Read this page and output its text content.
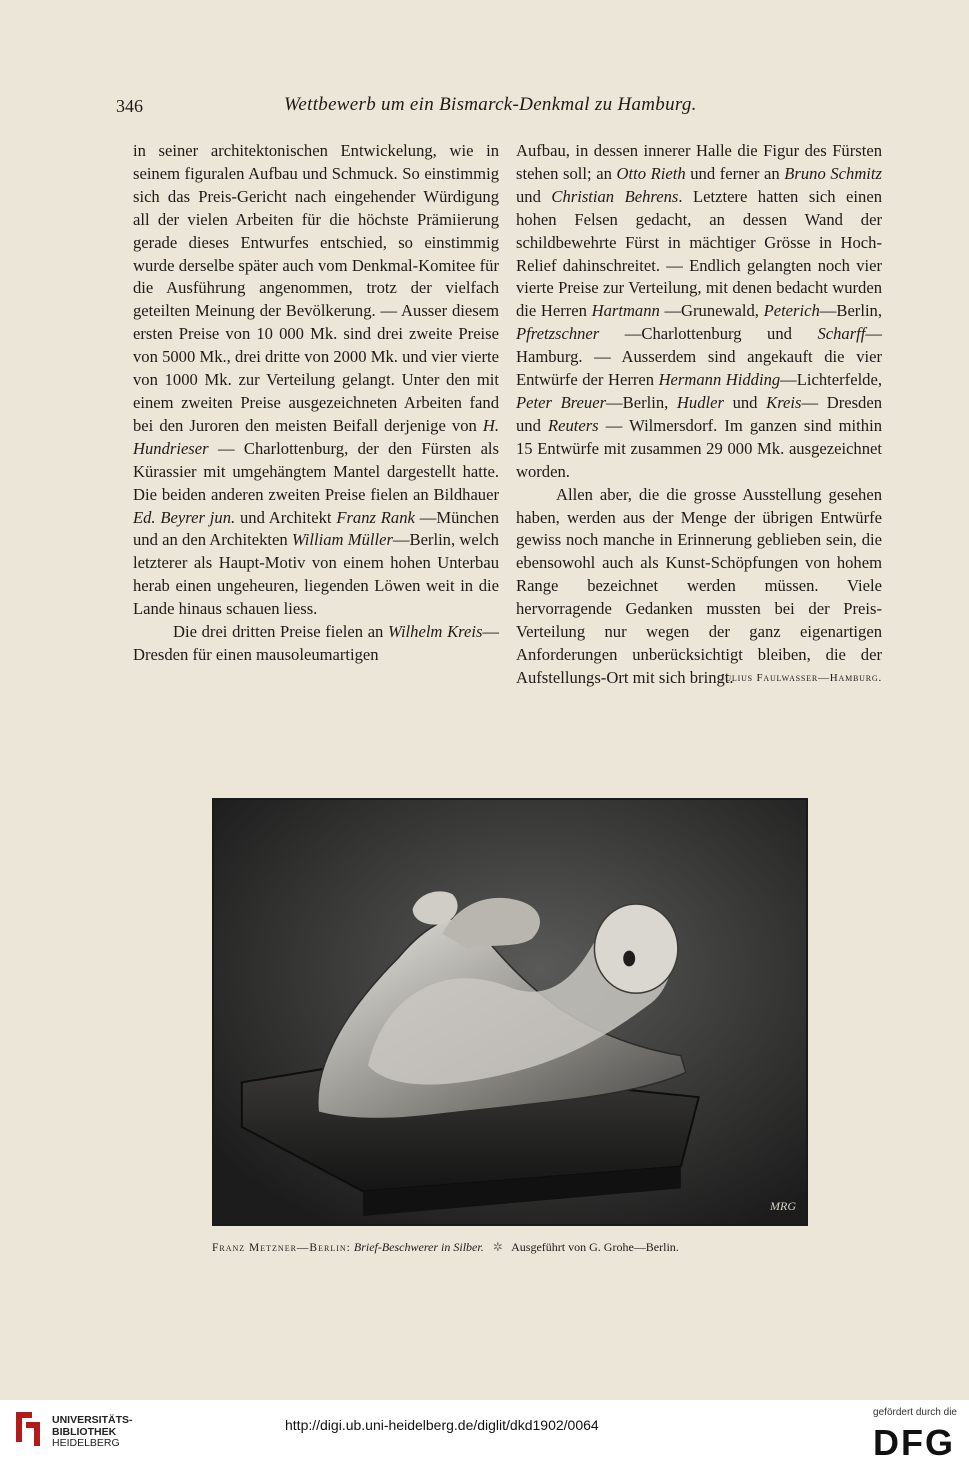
346	Wettbewerb um ein Bismarck-Denkmal zu Hamburg.

in seiner architektonischen Entwickelung, wie in seinem figuralen Aufbau und Schmuck. So einstimmig sich das Preis-Gericht nach eingehender Würdigung all der vielen Arbeiten für die höchste Prämiierung gerade dieses Entwurfes entschied, so einstimmig wurde derselbe später auch vom Denkmal-Komitee für die Ausführung angenommen, trotz der vielfach geteilten Meinung der Bevölkerung. — Ausser diesem ersten Preise von 10 000 Mk. sind drei zweite Preise von 5000 Mk., drei dritte von 2000 Mk. und vier vierte von 1000 Mk. zur Verteilung gelangt. Unter den mit einem zweiten Preise ausgezeichneten Arbeiten fand bei den Juroren den meisten Beifall derjenige von H. Hundrieser — Charlottenburg, der den Fürsten als Kürassier mit umgehängtem Mantel dargestellt hatte. Die beiden anderen zweiten Preise fielen an Bildhauer Ed. Beyrer jun. und Architekt Franz Rank —München und an den Architekten William Müller—Berlin, welch letzterer als Haupt-Motiv von einem hohen Unterbau herab einen ungeheuren, liegenden Löwen weit in die Lande hinaus schauen liess.

Die drei dritten Preise fielen an Wilhelm Kreis—Dresden für einen mausoleumartigen

Aufbau, in dessen innerer Halle die Figur des Fürsten stehen soll; an Otto Rieth und ferner an Bruno Schmitz und Christian Behrens. Letztere hatten sich einen hohen Felsen gedacht, an dessen Wand der schildbewehrte Fürst in mächtiger Grösse in Hoch-Relief dahinschreitet. — Endlich gelangten noch vier vierte Preise zur Verteilung, mit denen bedacht wurden die Herren Hartmann —Grunewald, Peterich—Berlin, Pfretzschner —Charlottenburg und Scharff—Hamburg. — Ausserdem sind angekauft die vier Entwürfe der Herren Hermann Hidding—Lichterfelde, Peter Breuer—Berlin, Hudler und Kreis— Dresden und Reuters — Wilmersdorf. Im ganzen sind mithin 15 Entwürfe mit zusammen 29 000 Mk. ausgezeichnet worden.

Allen aber, die die grosse Ausstellung gesehen haben, werden aus der Menge der übrigen Entwürfe gewiss noch manche in Erinnerung geblieben sein, die ebensowohl auch als Kunst-Schöpfungen von hohem Range bezeichnet werden müssen. Viele hervorragende Gedanken mussten bei der Preis-Verteilung nur wegen der ganz eigenartigen Anforderungen unberücksichtigt bleiben, die der Aufstellungs-Ort mit sich bringt.
Julius Faulwasser—Hamburg.

MRG
Franz Metzner—Berlin: Brief-Beschwerer in Silber. ✲ Ausgeführt von G. Grohe—Berlin.
UNIVERSITÄTS-
BIBLIOTHEK
HEIDELBERG
http://digi.ub.uni-heidelberg.de/diglit/dkd1902/0064
gefördert durch die
DFG
